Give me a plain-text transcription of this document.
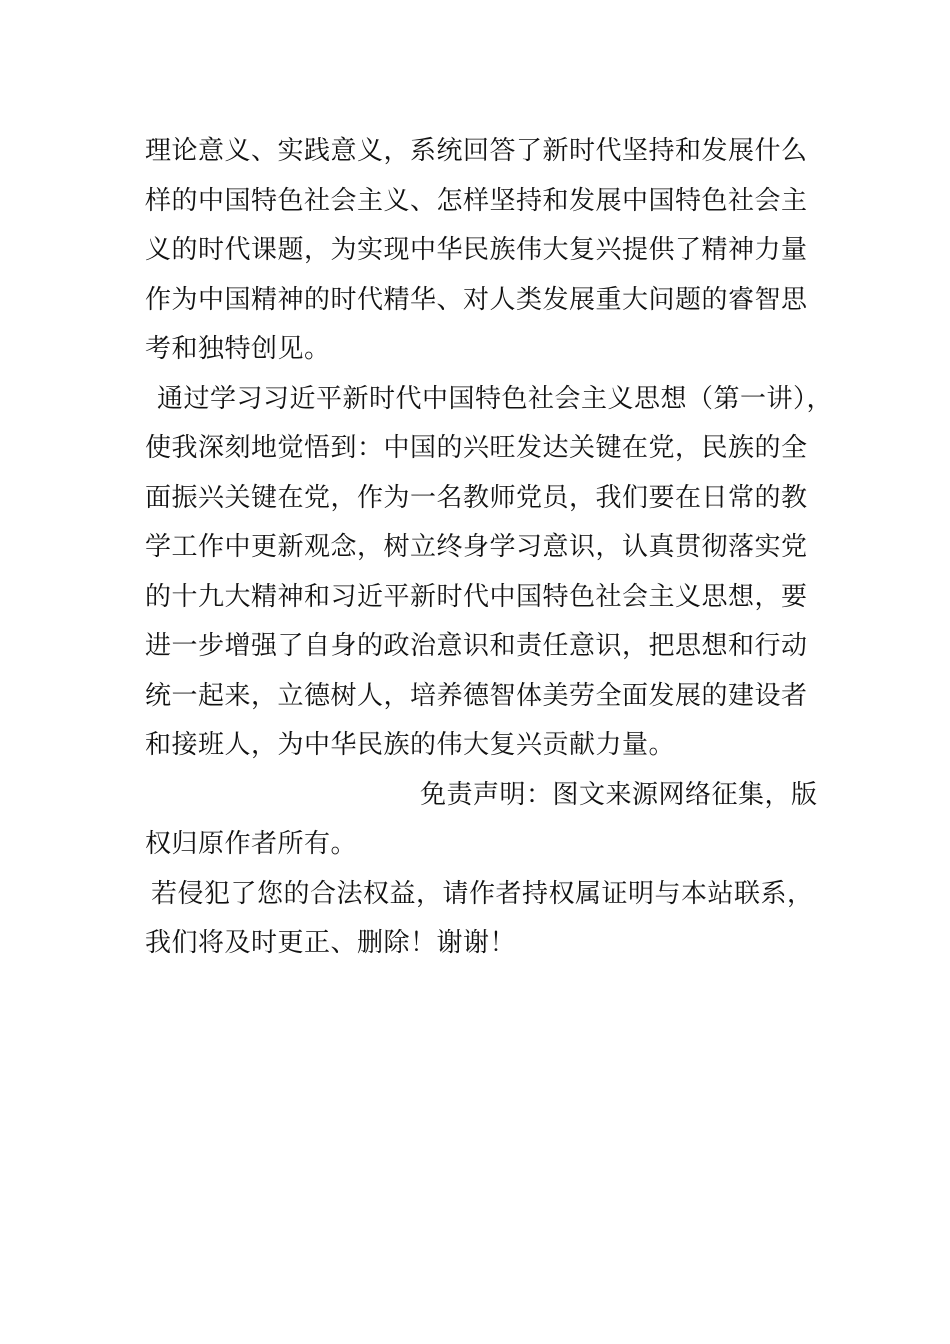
理论意义、实践意义，系统回答了新时代坚持和发展什么
样的中国特色社会主义、怎样坚持和发展中国特色社会主
义的时代课题，为实现中华民族伟大复兴提供了精神力量
作为中国精神的时代精华、对人类发展重大问题的睿智思
考和独特创见。
通过学习习近平新时代中国特色社会主义思想（第一讲），
使我深刻地觉悟到：中国的兴旺发达关键在党，民族的全
面振兴关键在党，作为一名教师党员，我们要在日常的教
学工作中更新观念，树立终身学习意识，认真贯彻落实党
的十九大精神和习近平新时代中国特色社会主义思想，要
进一步增强了自身的政治意识和责任意识，把思想和行动
统一起来，立德树人，培养德智体美劳全面发展的建设者
和接班人，为中华民族的伟大复兴贡献力量。
免责声明：图文来源网络征集，版
权归原作者所有。
若侵犯了您的合法权益，请作者持权属证明与本站联系，
我们将及时更正、删除！谢谢！
